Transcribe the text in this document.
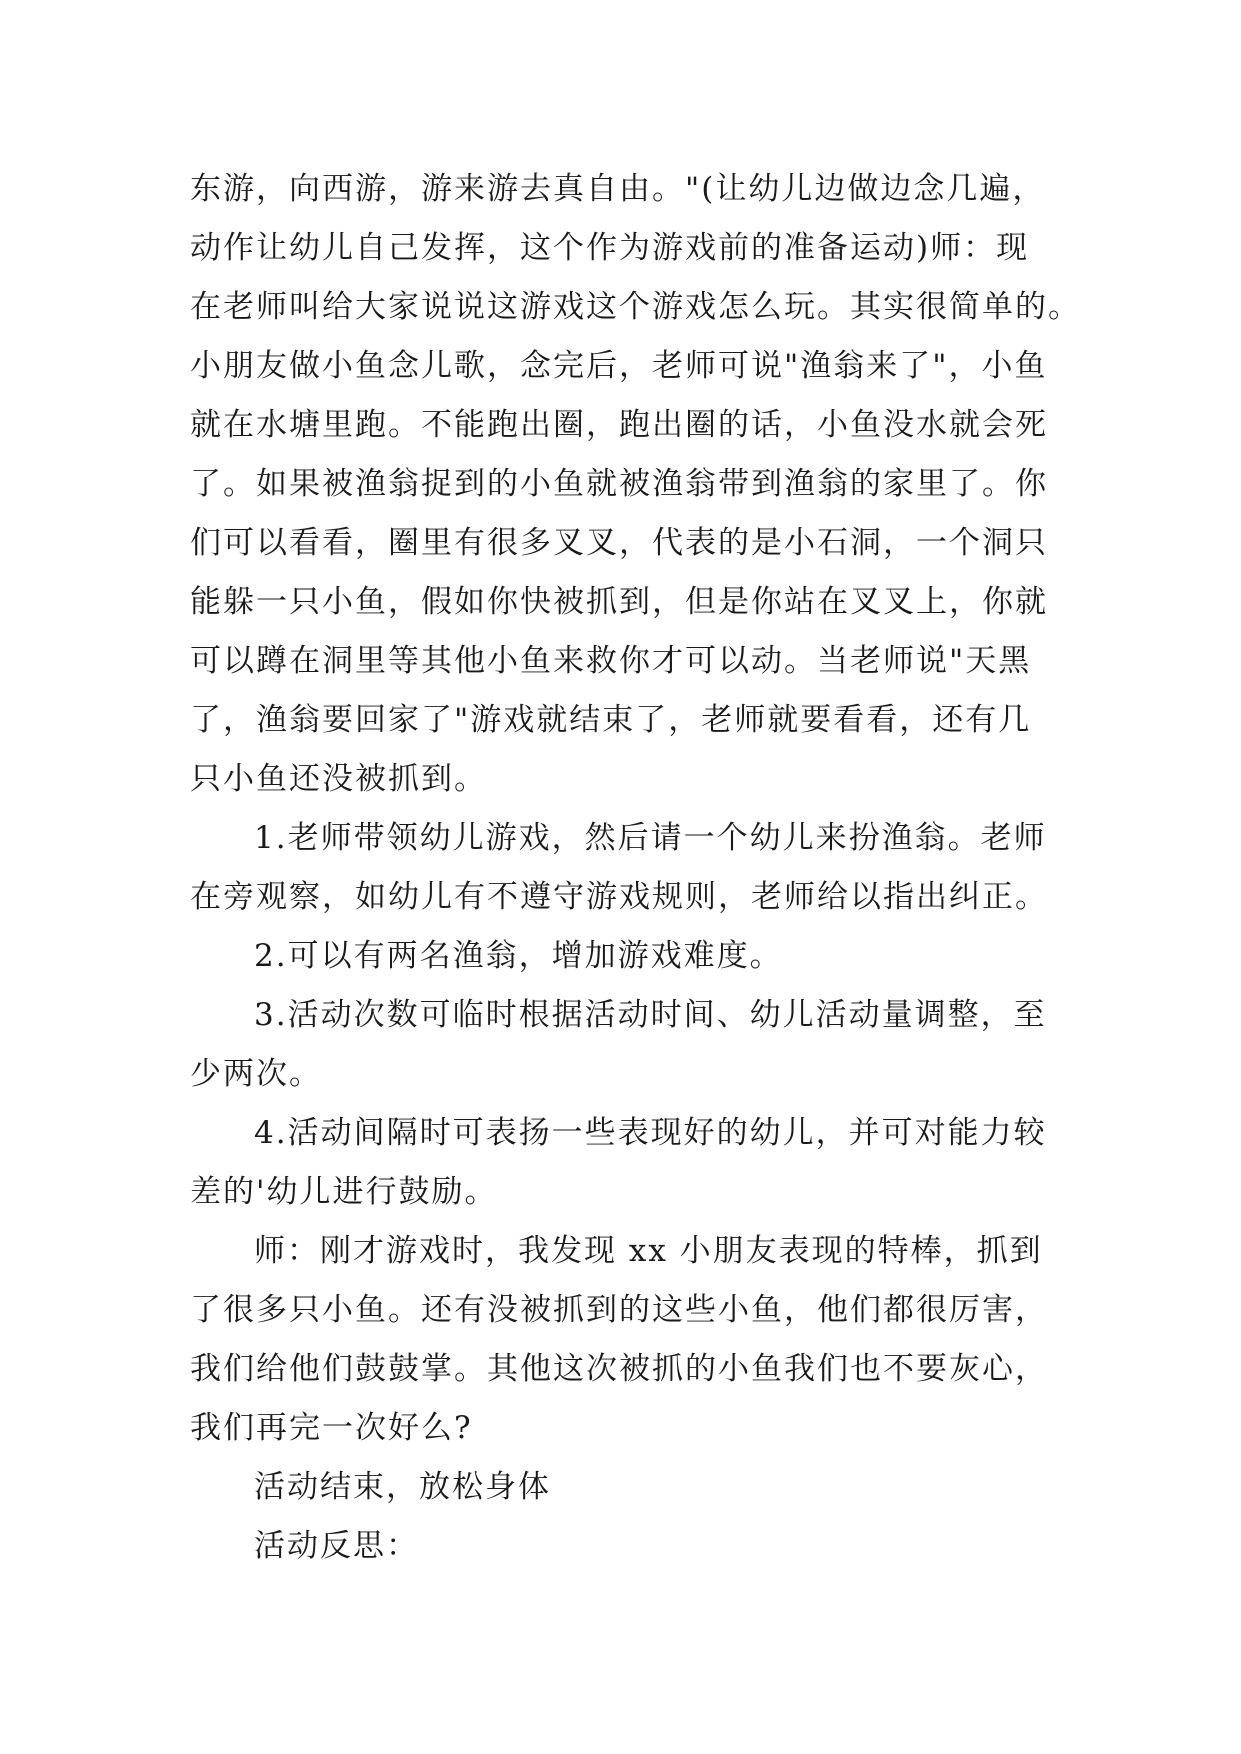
东游，向西游，游来游去真自由。"(让幼儿边做边念几遍，
动作让幼儿自己发挥，这个作为游戏前的准备运动)师：现
在老师叫给大家说说这游戏这个游戏怎么玩。其实很简单的。
小朋友做小鱼念儿歌，念完后，老师可说"渔翁来了"，小鱼
就在水塘里跑。不能跑出圈，跑出圈的话，小鱼没水就会死
了。如果被渔翁捉到的小鱼就被渔翁带到渔翁的家里了。你
们可以看看，圈里有很多叉叉，代表的是小石洞，一个洞只
能躲一只小鱼，假如你快被抓到，但是你站在叉叉上，你就
可以蹲在洞里等其他小鱼来救你才可以动。当老师说"天黑
了，渔翁要回家了"游戏就结束了，老师就要看看，还有几
只小鱼还没被抓到。
1.老师带领幼儿游戏，然后请一个幼儿来扮渔翁。老师
在旁观察，如幼儿有不遵守游戏规则，老师给以指出纠正。
2.可以有两名渔翁，增加游戏难度。
3.活动次数可临时根据活动时间、幼儿活动量调整，至
少两次。
4.活动间隔时可表扬一些表现好的幼儿，并可对能力较
差的'幼儿进行鼓励。
师：刚才游戏时，我发现 xx 小朋友表现的特棒，抓到
了很多只小鱼。还有没被抓到的这些小鱼，他们都很厉害，
我们给他们鼓鼓掌。其他这次被抓的小鱼我们也不要灰心，
我们再完一次好么?
活动结束，放松身体
活动反思：
